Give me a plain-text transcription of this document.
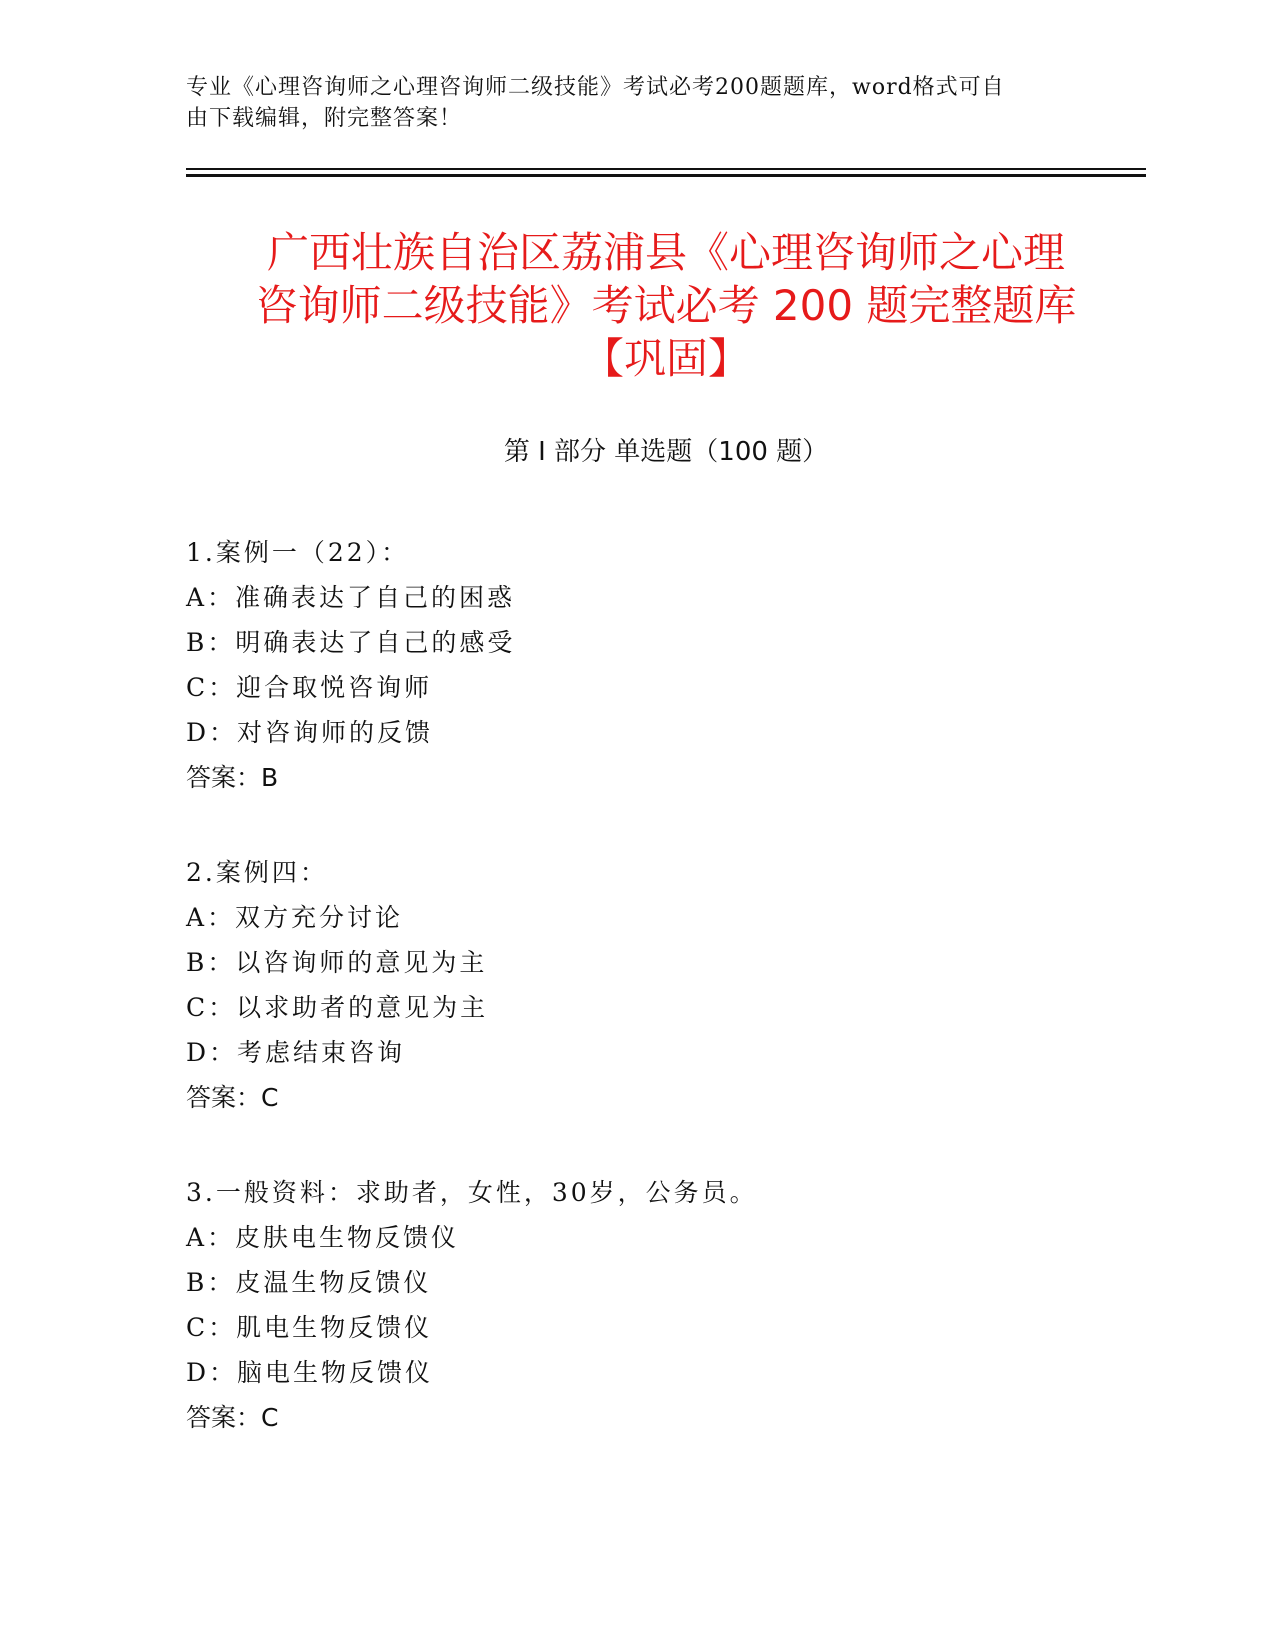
专业《心理咨询师之心理咨询师二级技能》考试必考200题题库，word格式可自
由下载编辑，附完整答案！
广西壮族自治区荔浦县《心理咨询师之心理
咨询师二级技能》考试必考 200 题完整题库
【巩固】
第 I 部分 单选题（100 题）
1.案例一（22）：
A：准确表达了自己的困惑
B：明确表达了自己的感受
C：迎合取悦咨询师
D：对咨询师的反馈
答案：B
2.案例四：
A：双方充分讨论
B：以咨询师的意见为主
C：以求助者的意见为主
D：考虑结束咨询
答案：C
3.一般资料：求助者，女性，30岁，公务员。
A：皮肤电生物反馈仪
B：皮温生物反馈仪
C：肌电生物反馈仪
D：脑电生物反馈仪
答案：C
